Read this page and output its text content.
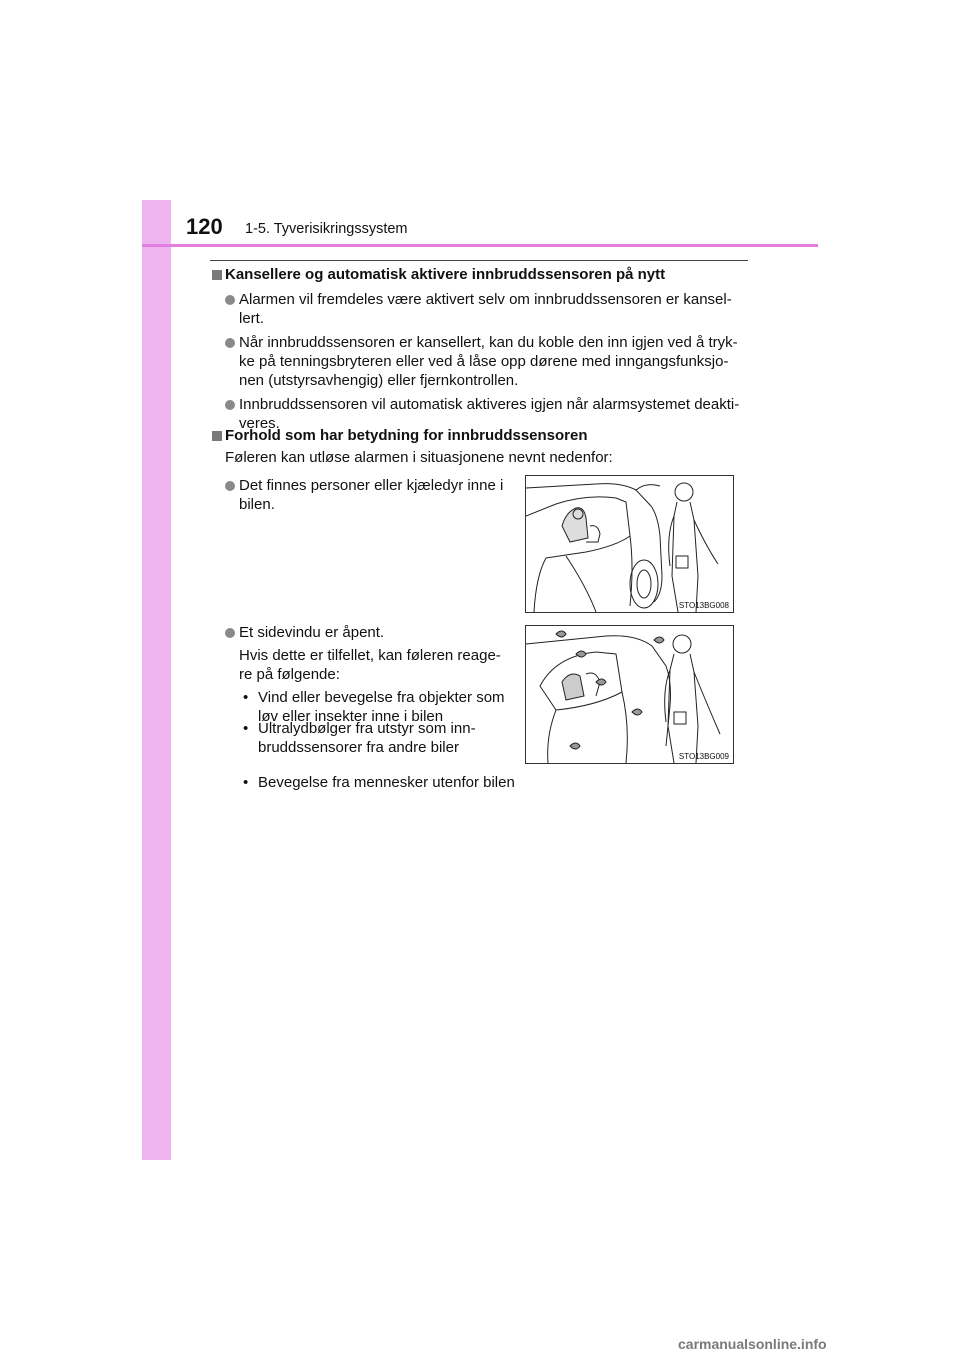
120 1-5. Tyverisikringssystem
Kansellere og automatisk aktivere innbruddssensoren på nytt
Alarmen vil fremdeles være aktivert selv om innbruddssensoren er kansel-
lert.
Når innbruddssensoren er kansellert, kan du koble den inn igjen ved å tryk-
ke på tenningsbryteren eller ved å låse opp dørene med inngangsfunksjo-
nen (utstyrsavhengig) eller fjernkontrollen.
Innbruddssensoren vil automatisk aktiveres igjen når alarmsystemet deakti-
veres.
Forhold som har betydning for innbruddssensoren
Føleren kan utløse alarmen i situasjonene nevnt nedenfor:
Det finnes personer eller kjæledyr inne i
bilen.
Et sidevindu er åpent.
Hvis dette er tilfellet, kan føleren reage-
re på følgende:
• Vind eller bevegelse fra objekter som
løv eller insekter inne i bilen
• Ultralydbølger fra utstyr som inn-
bruddssensorer fra andre biler
• Bevegelse fra mennesker utenfor bilen
STO13BG008
STO13BG009
carmanualsonline.info
